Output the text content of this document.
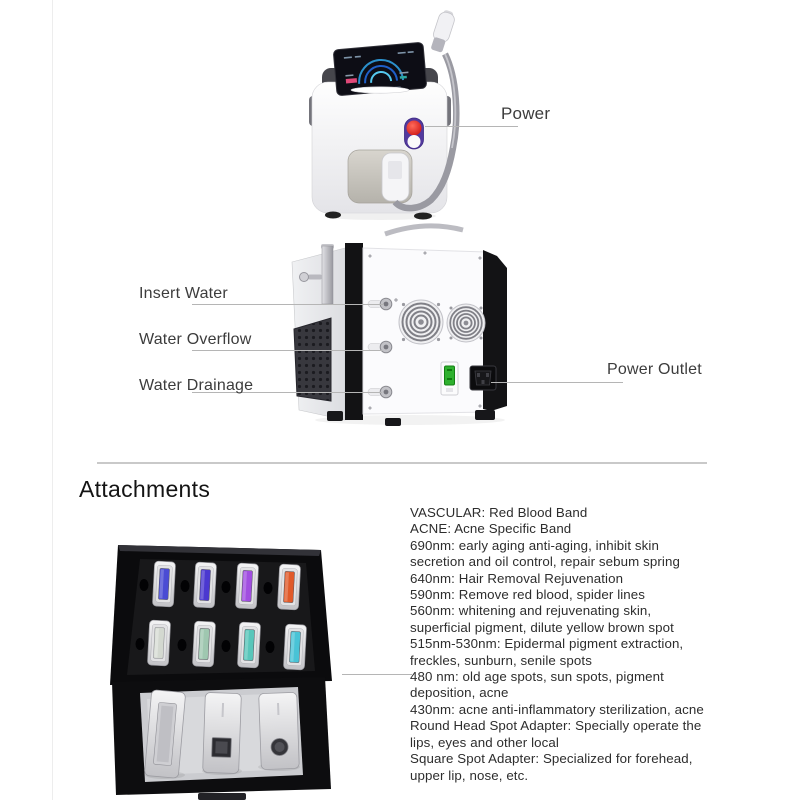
Power
Insert Water
Water Overflow
Water Drainage
Power Outlet
Attachments
VASCULAR: Red Blood Band
ACNE: Acne Specific Band
690nm: early aging anti-aging, inhibit skin
secretion and oil control, repair sebum spring
640nm: Hair Removal Rejuvenation
590nm: Remove red blood, spider lines
560nm: whitening and rejuvenating skin,
superficial pigment, dilute yellow brown spot
515nm-530nm: Epidermal pigment extraction,
freckles, sunburn, senile spots
480 nm: old age spots, sun spots, pigment
deposition, acne
430nm: acne anti-inflammatory sterilization, acne
Round Head Spot Adapter: Specially operate the
lips, eyes and other local
Square Spot Adapter: Specialized for forehead,
upper lip, nose, etc.
